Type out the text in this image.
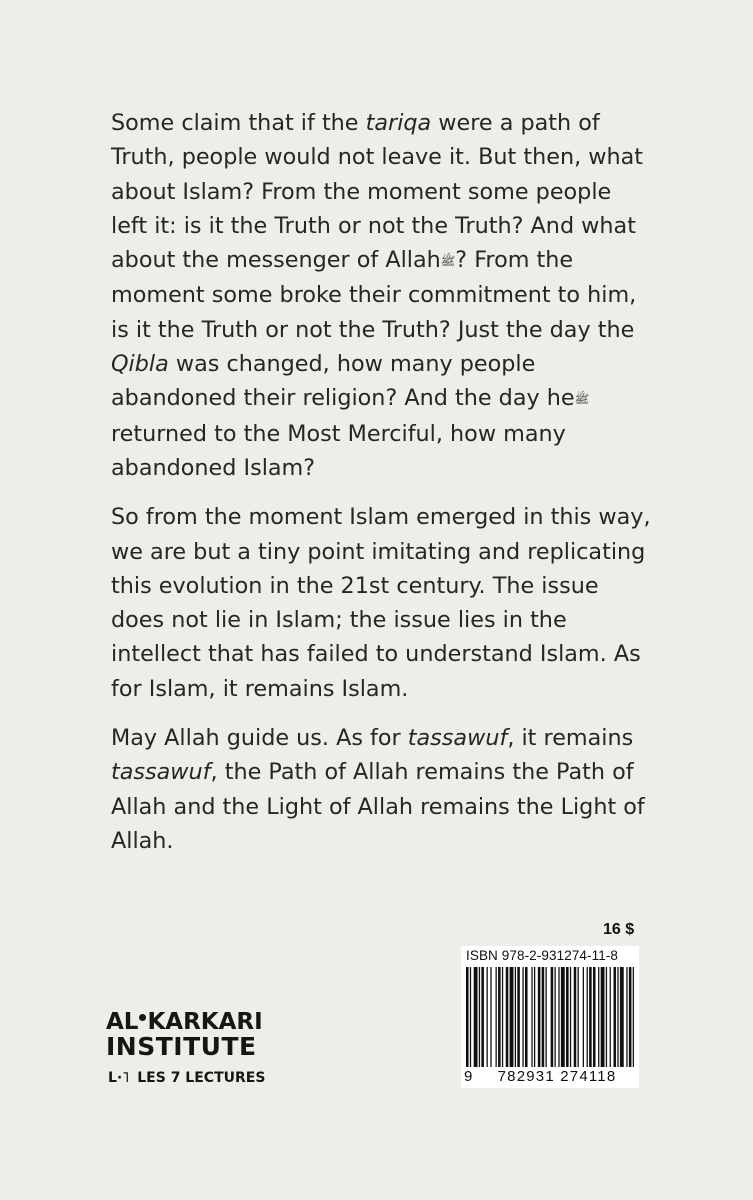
Some claim that if the tariqa were a path of Truth, people would not leave it. But then, what about Islam? From the moment some people left it: is it the Truth or not the Truth? And what about the messenger of Allahﷺ? From the moment some broke their commitment to him, is it the Truth or not the Truth? Just the day the Qibla was changed, how many people abandoned their religion? And the day heﷺ returned to the Most Merciful, how many abandoned Islam?

So from the moment Islam emerged in this way, we are but a tiny point imitating and replicating this evolution in the 21st century. The issue does not lie in Islam; the issue lies in the intellect that has failed to understand Islam. As for Islam, it remains Islam.

May Allah guide us. As for tassawuf, it remains tassawuf, the Path of Allah remains the Path of Allah and the Light of Allah remains the Light of Allah.

16 $
ISBN 978-2-931274-11-8
9	782931 274118
AL KARKARI
INSTITUTE
L·˥ LES 7 LECTURES
